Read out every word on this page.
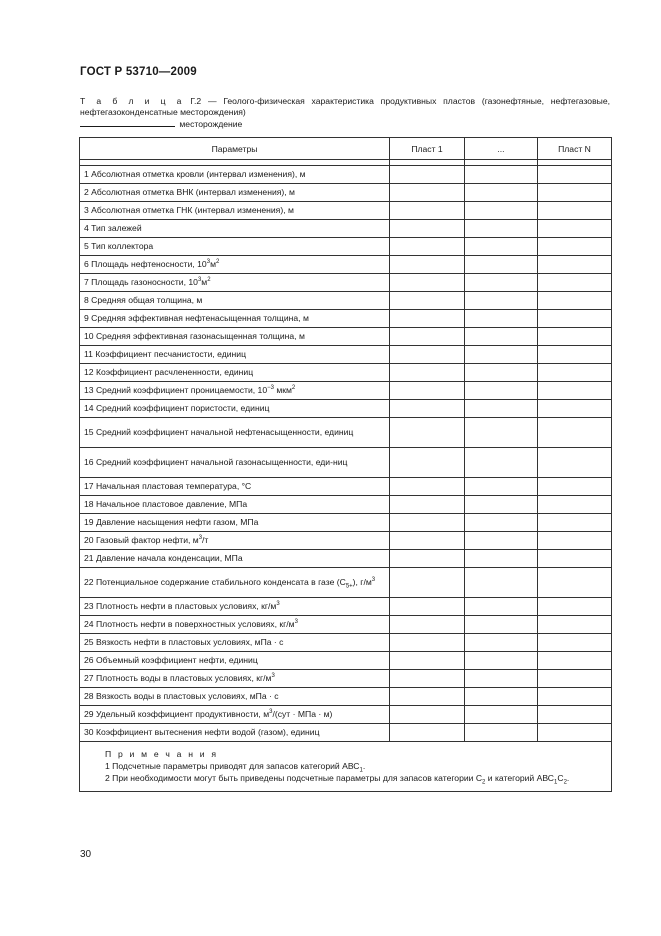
ГОСТ Р 53710—2009
Т а б л и ц а Г.2 — Геолого-физическая характеристика продуктивных пластов (газонефтяные, нефтегазовые, нефтегазоконденсатные месторождения)
месторождение
Параметры	Пласт 1	...	Пласт N

1 Абсолютная отметка кровли (интервал изменения), м			
2 Абсолютная отметка ВНК (интервал изменения), м			
3 Абсолютная отметка ГНК (интервал изменения), м			
4 Тип залежей			
5 Тип коллектора			
6 Площадь нефтеносности, $10^3м^2$			
7 Площадь газоносности, $10^3м^2$			
8 Средняя общая толщина, м			
9 Средняя эффективная нефтенасыщенная толщина, м			
10 Средняя эффективная газонасыщенная толщина, м			
11 Коэффициент песчанистости, единиц			
12 Коэффициент расчлененности, единиц			
13 Средний коэффициент проницаемости, $10^{-3}$ мкм$^2$			
14 Средний коэффициент пористости, единиц			
15 Средний коэффициент начальной нефтенасыщенности, единиц			
16 Средний коэффициент начальной газонасыщенности, еди-ниц			
17 Начальная пластовая температура, °С			
18 Начальное пластовое давление, МПа			
19 Давление насыщения нефти газом, МПа			
20 Газовый фактор нефти, $м^3/т$			
21 Давление начала конденсации, МПа			
22 Потенциальное содержание стабильного конденсата в газе $(С_{5+})$, $г/м^3$			
23 Плотность нефти в пластовых условиях, $кг/м^3$			
24 Плотность нефти в поверхностных условиях, $кг/м^3$			
25 Вязкость нефти в пластовых условиях, мПа · с			
26 Объемный коэффициент нефти, единиц			
27 Плотность воды в пластовых условиях, $кг/м^3$			
28 Вязкость воды в пластовых условиях, мПа · с			
29 Удельный коэффициент продуктивности, $м^3/(сут$ · МПа · м)			
30 Коэффициент вытеснения нефти водой (газом), единиц			

П р и м е ч а н и я
1 Подсчетные параметры приводят для запасов категорий $АВС_1$.
2 При необходимости могут быть приведены подсчетные параметры для запасов категории $С_2$ и категорий $АВС_1С_2$.			
30
